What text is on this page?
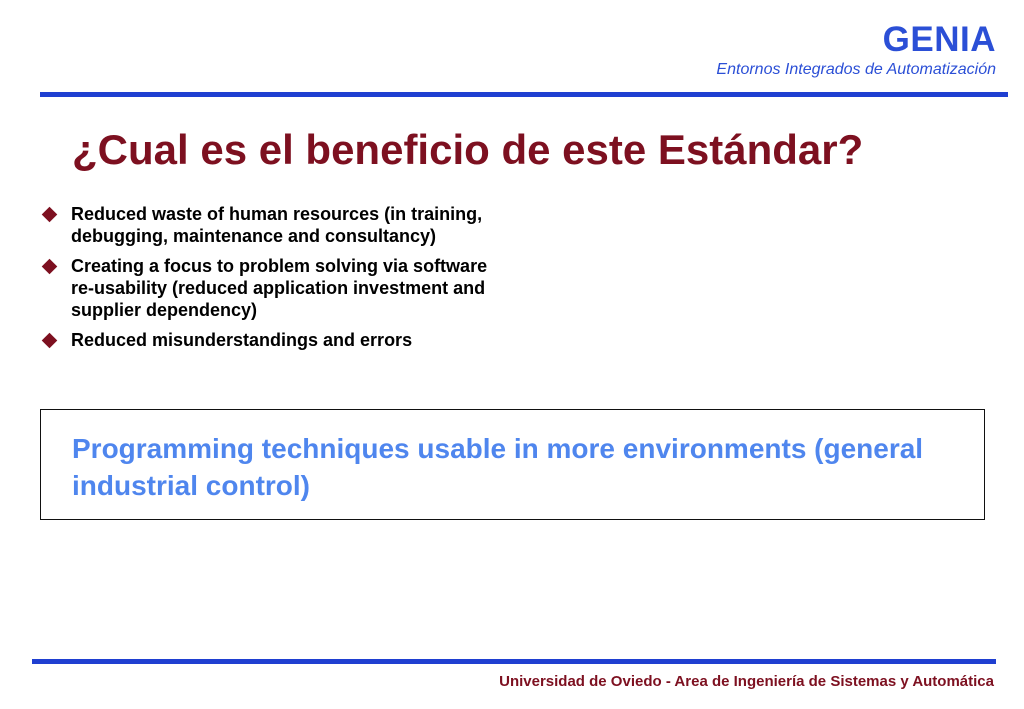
GENIA
Entornos Integrados de Automatización
¿Cual es el beneficio de este Estándar?
Reduced waste of human resources (in training, debugging, maintenance and consultancy)
Creating a focus to problem solving via software re-usability (reduced application investment and supplier dependency)
Reduced misunderstandings and errors
Programming techniques usable in more environments (general industrial control)
Universidad de Oviedo - Area de Ingeniería de Sistemas y Automática
